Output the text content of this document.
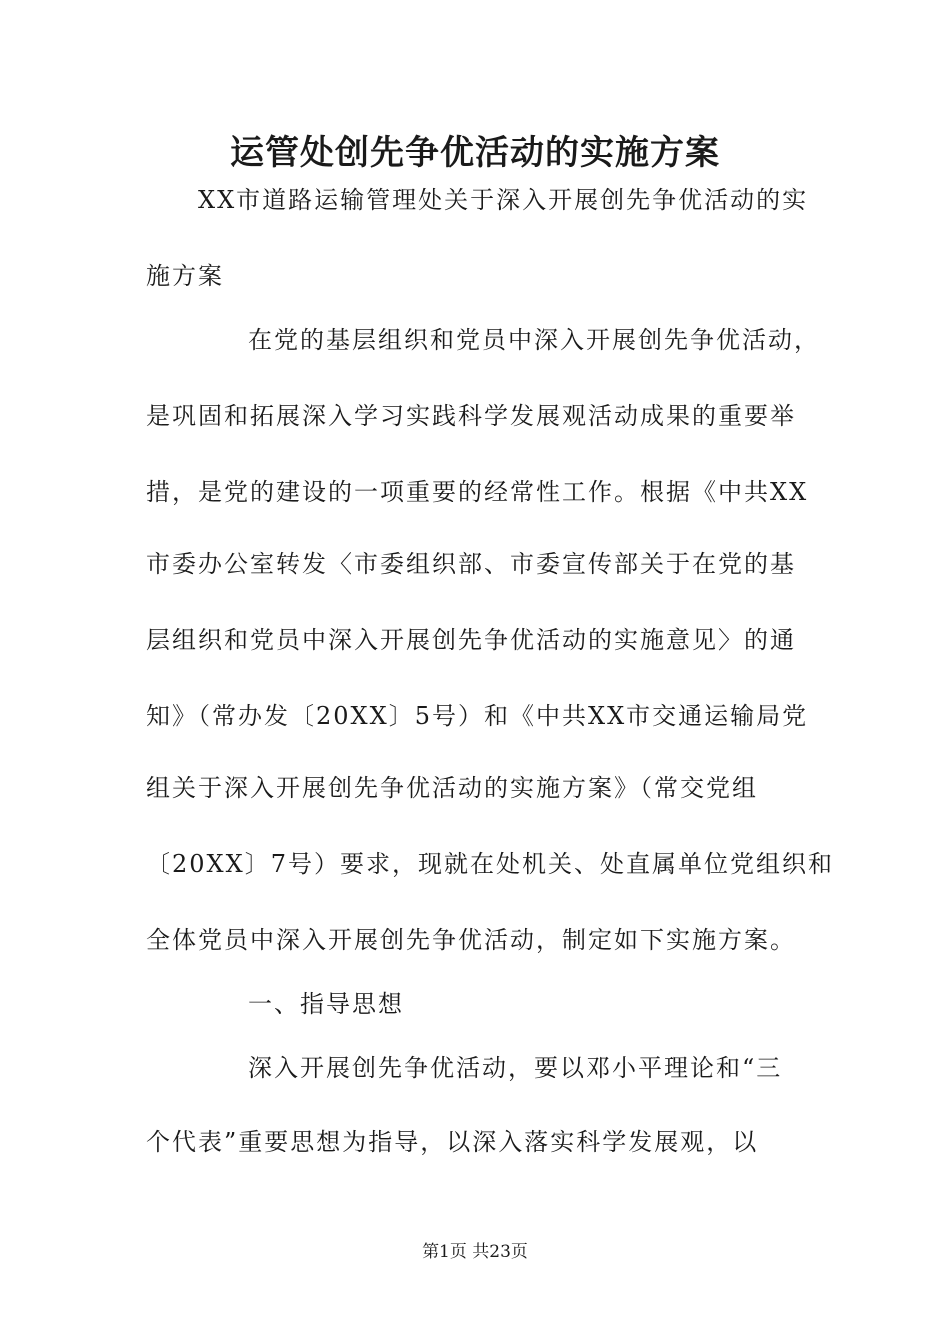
运管处创先争优活动的实施方案

XX市道路运输管理处关于深入开展创先争优活动的实

施方案

在党的基层组织和党员中深入开展创先争优活动，

是巩固和拓展深入学习实践科学发展观活动成果的重要举

措，是党的建设的一项重要的经常性工作。根据《中共XX

市委办公室转发〈市委组织部、市委宣传部关于在党的基

层组织和党员中深入开展创先争优活动的实施意见〉的通

知》（常办发〔20XX〕5号）和《中共XX市交通运输局党

组关于深入开展创先争优活动的实施方案》（常交党组

〔20XX〕7号）要求，现就在处机关、处直属单位党组织和

全体党员中深入开展创先争优活动，制定如下实施方案。

一、指导思想

深入开展创先争优活动，要以邓小平理论和“三

个代表”重要思想为指导，以深入落实科学发展观，以

第1页 共23页
